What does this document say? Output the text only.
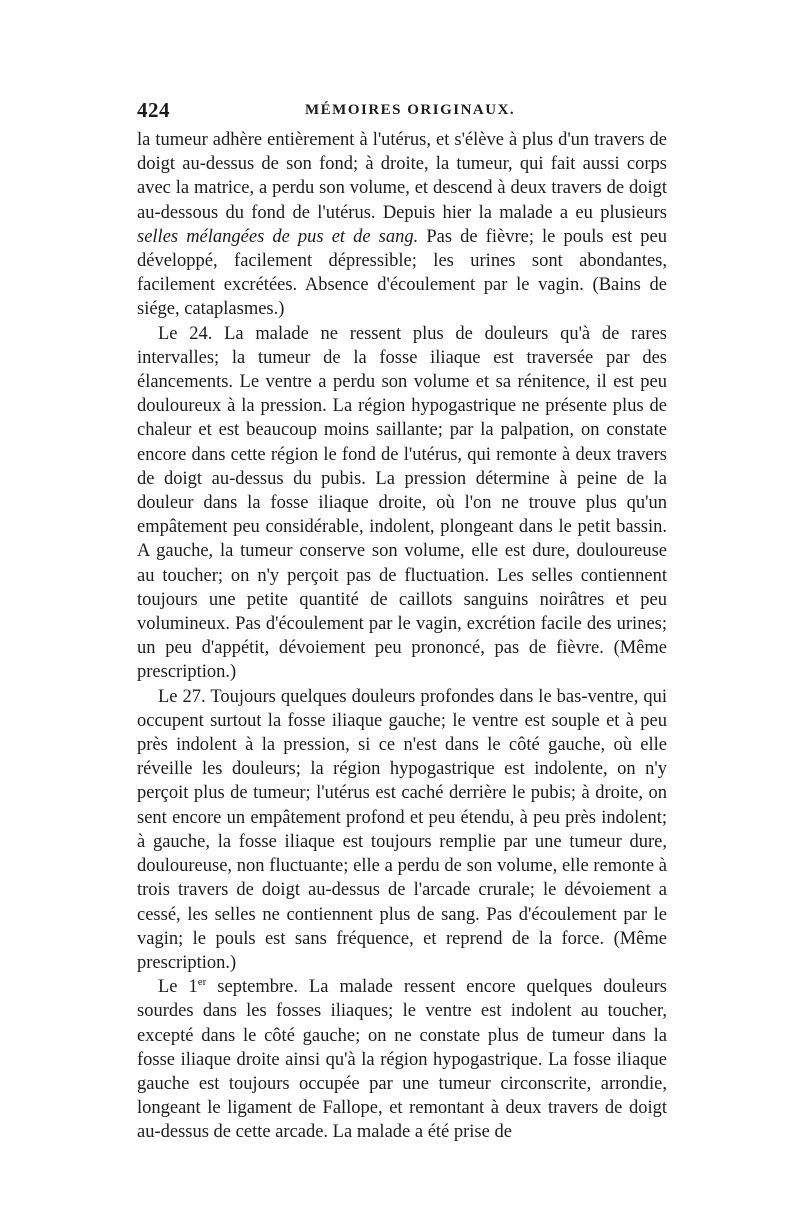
424	MÉMOIRES ORIGINAUX.

la tumeur adhère entièrement à l'utérus, et s'élève à plus d'un travers de doigt au-dessus de son fond; à droite, la tumeur, qui fait aussi corps avec la matrice, a perdu son volume, et descend à deux travers de doigt au-dessous du fond de l'utérus. Depuis hier la malade a eu plusieurs selles mélangées de pus et de sang. Pas de fièvre; le pouls est peu développé, facilement dépressible; les urines sont abondantes, facilement excrétées. Absence d'écoulement par le vagin. (Bains de siége, cataplasmes.)

Le 24. La malade ne ressent plus de douleurs qu'à de rares intervalles; la tumeur de la fosse iliaque est traversée par des élancements. Le ventre a perdu son volume et sa rénitence, il est peu douloureux à la pression. La région hypogastrique ne présente plus de chaleur et est beaucoup moins saillante; par la palpation, on constate encore dans cette région le fond de l'utérus, qui remonte à deux travers de doigt au-dessus du pubis. La pression détermine à peine de la douleur dans la fosse iliaque droite, où l'on ne trouve plus qu'un empâtement peu considérable, indolent, plongeant dans le petit bassin. A gauche, la tumeur conserve son volume, elle est dure, douloureuse au toucher; on n'y perçoit pas de fluctuation. Les selles contiennent toujours une petite quantité de caillots sanguins noirâtres et peu volumineux. Pas d'écoulement par le vagin, excrétion facile des urines; un peu d'appétit, dévoiement peu prononcé, pas de fièvre. (Même prescription.)

Le 27. Toujours quelques douleurs profondes dans le bas-ventre, qui occupent surtout la fosse iliaque gauche; le ventre est souple et à peu près indolent à la pression, si ce n'est dans le côté gauche, où elle réveille les douleurs; la région hypogastrique est indolente, on n'y perçoit plus de tumeur; l'utérus est caché derrière le pubis; à droite, on sent encore un empâtement profond et peu étendu, à peu près indolent; à gauche, la fosse iliaque est toujours remplie par une tumeur dure, douloureuse, non fluctuante; elle a perdu de son volume, elle remonte à trois travers de doigt au-dessus de l'arcade crurale; le dévoiement a cessé, les selles ne contiennent plus de sang. Pas d'écoulement par le vagin; le pouls est sans fréquence, et reprend de la force. (Même prescription.)

Le 1er septembre. La malade ressent encore quelques douleurs sourdes dans les fosses iliaques; le ventre est indolent au toucher, excepté dans le côté gauche; on ne constate plus de tumeur dans la fosse iliaque droite ainsi qu'à la région hypogastrique. La fosse iliaque gauche est toujours occupée par une tumeur circonscrite, arrondie, longeant le ligament de Fallope, et remontant à deux travers de doigt au-dessus de cette arcade. La malade a été prise de
